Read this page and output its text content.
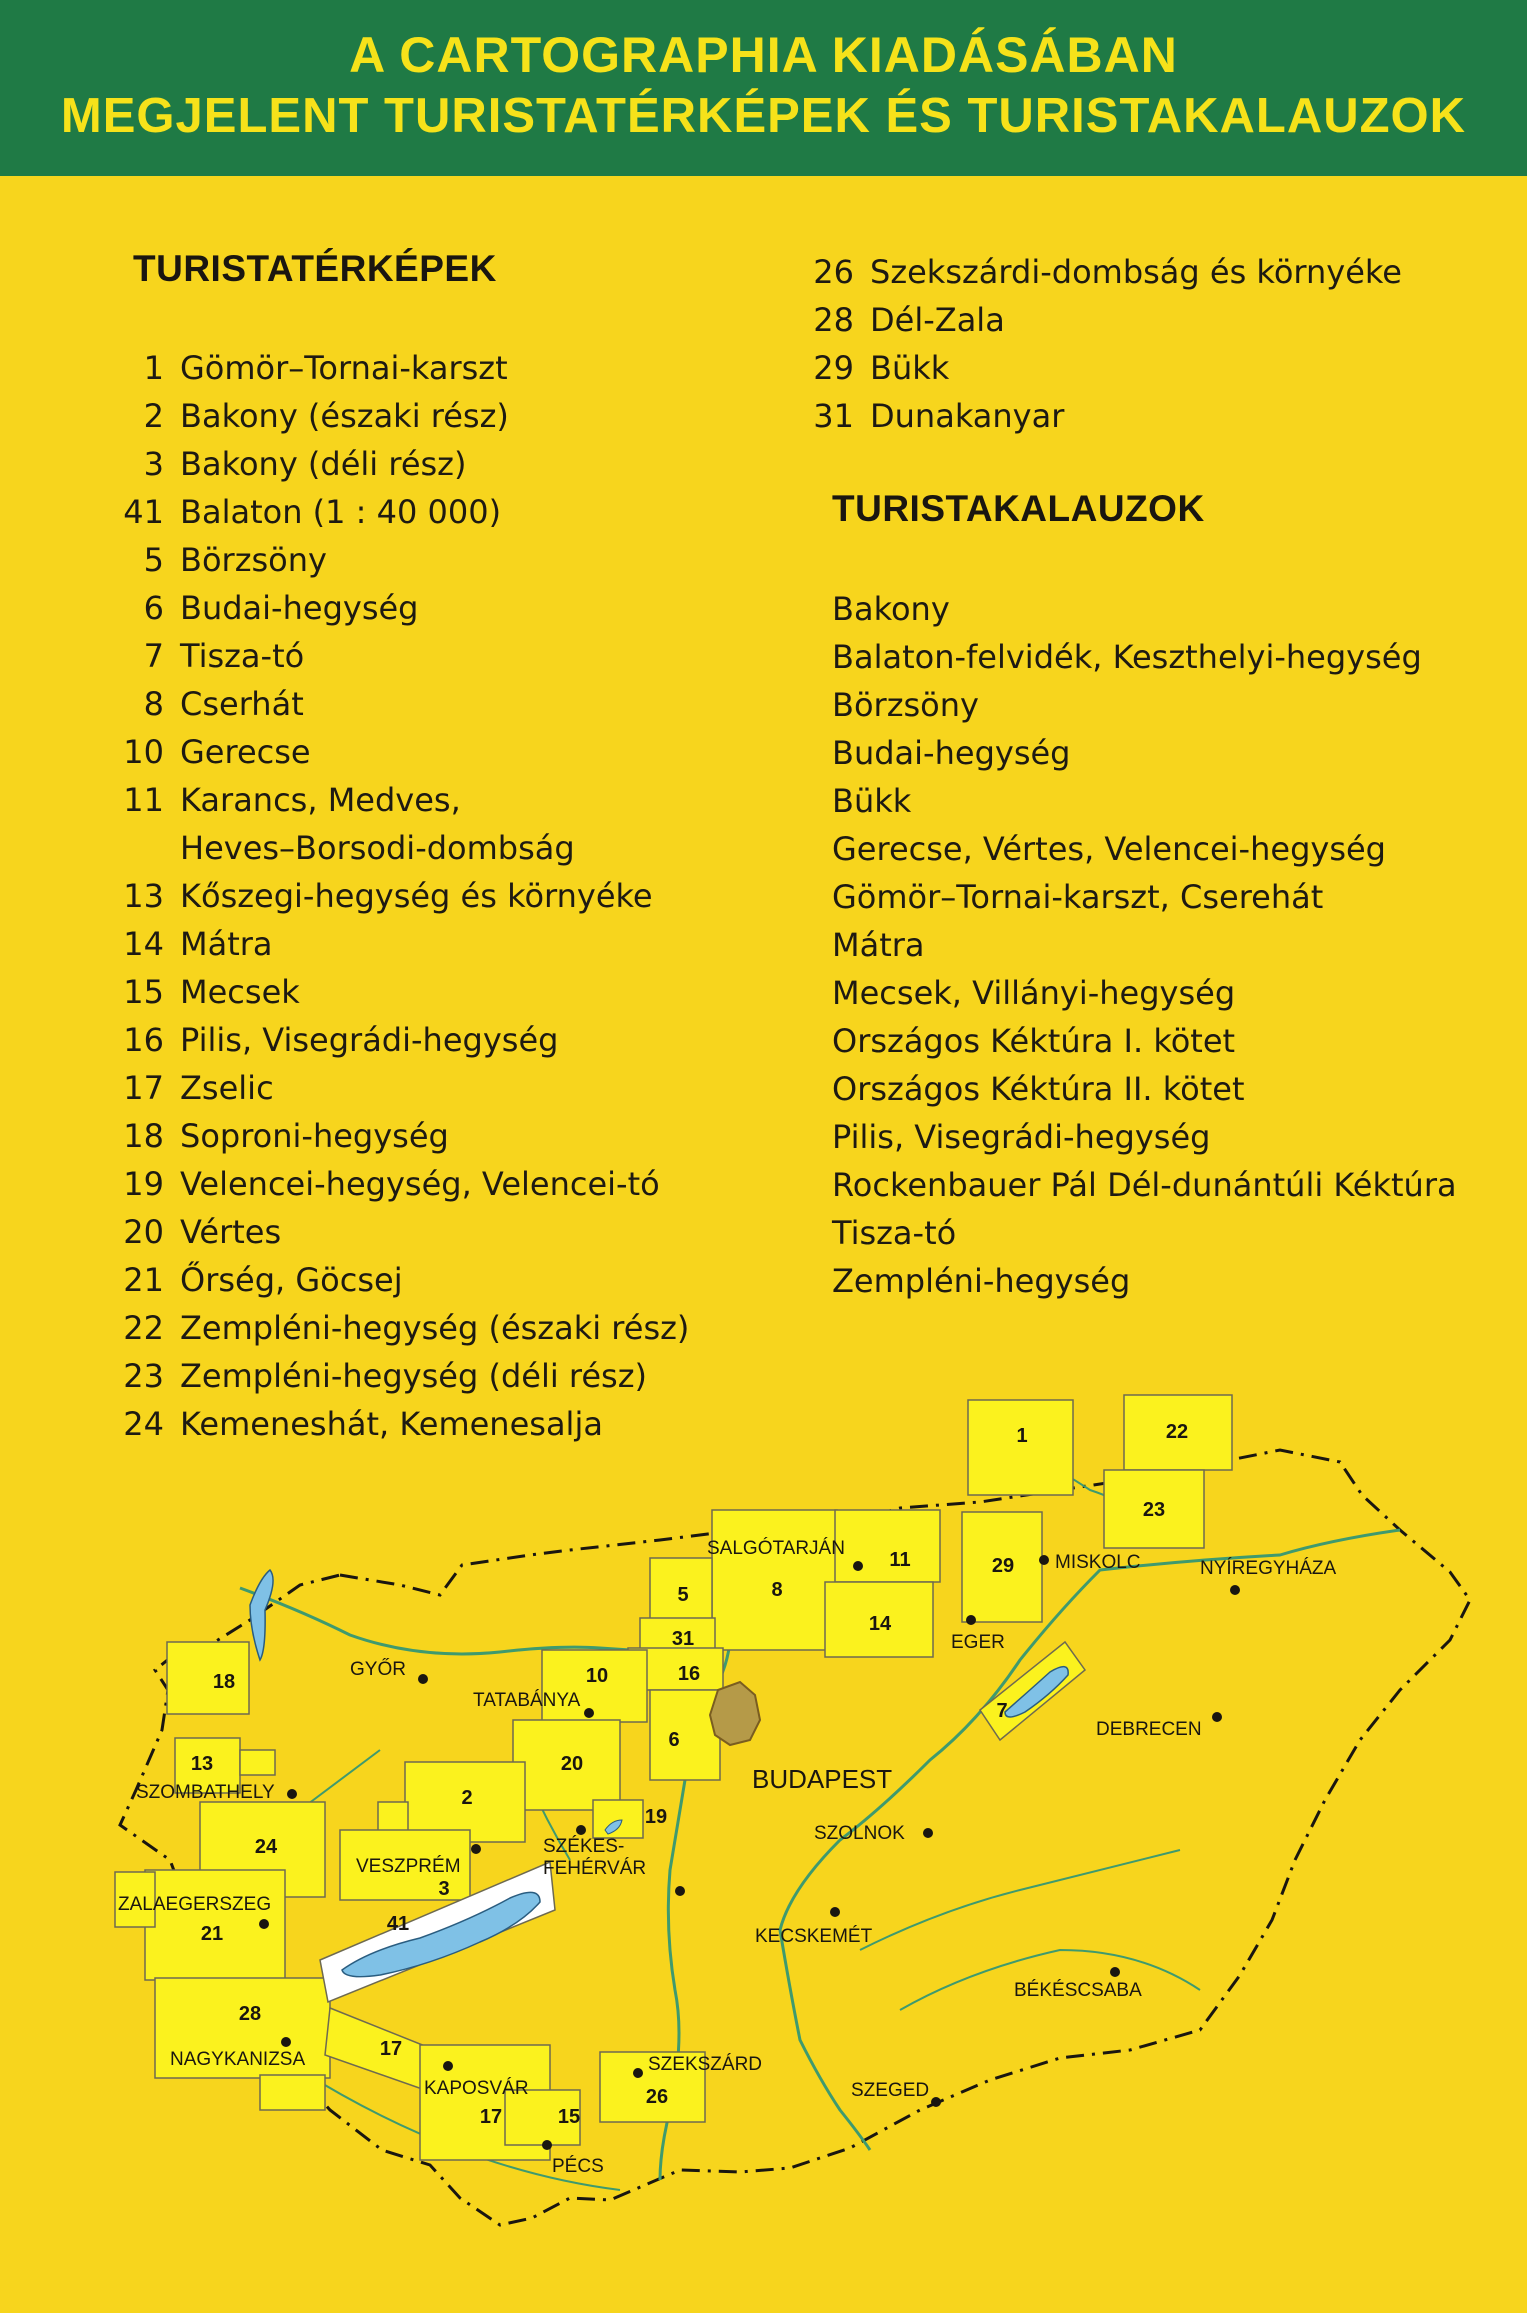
A CARTOGRAPHIA KIADÁSÁBAN
MEGJELENT TURISTATÉRKÉPEK ÉS TURISTAKALAUZOK
TURISTATÉRKÉPEK
1 Gömör–Tornai-karszt
2 Bakony (északi rész)
3 Bakony (déli rész)
41 Balaton (1 : 40 000)
5 Börzsöny
6 Budai-hegység
7 Tisza-tó
8 Cserhát
10 Gerecse
11 Karancs, Medves,
Heves–Borsodi-dombság
13 Kőszegi-hegység és környéke
14 Mátra
15 Mecsek
16 Pilis, Visegrádi-hegység
17 Zselic
18 Soproni-hegység
19 Velencei-hegység, Velencei-tó
20 Vértes
21 Őrség, Göcsej
22 Zempléni-hegység (északi rész)
23 Zempléni-hegység (déli rész)
24 Kemeneshát, Kemenesalja
26 Szekszárdi-dombság és környéke
28 Dél-Zala
29 Bükk
31 Dunakanyar
TURISTAKALAUZOK
Bakony
Balaton-felvidék, Keszthelyi-hegység
Börzsöny
Budai-hegység
Bükk
Gerecse, Vértes, Velencei-hegység
Gömör–Tornai-karszt, Cserehát
Mátra
Mecsek, Villányi-hegység
Országos Kéktúra I. kötet
Országos Kéktúra II. kötet
Pilis, Visegrádi-hegység
Rockenbauer Pál Dél-dunántúli Kéktúra
Tisza-tó
Zempléni-hegység
1	22
23
11
8
29
14
5
31
16
10
18
6
20
13
2
19
24
3
41
21
28
17
26
15
7
17
SALGÓTARJÁN
MISKOLC	NYÍREGYHÁZA
EGER
GYŐR
TATABÁNYA
DEBRECEN
BUDAPEST
SZOMBATHELY
SZÉKES-
FEHÉRVÁR
SZOLNOK
VESZPRÉM
ZALAEGERSZEG
KECSKEMÉT
BÉKÉSCSABA
NAGYKANIZSA	SZEKSZÁRD
KAPOSVÁR	SZEGED
PÉCS
